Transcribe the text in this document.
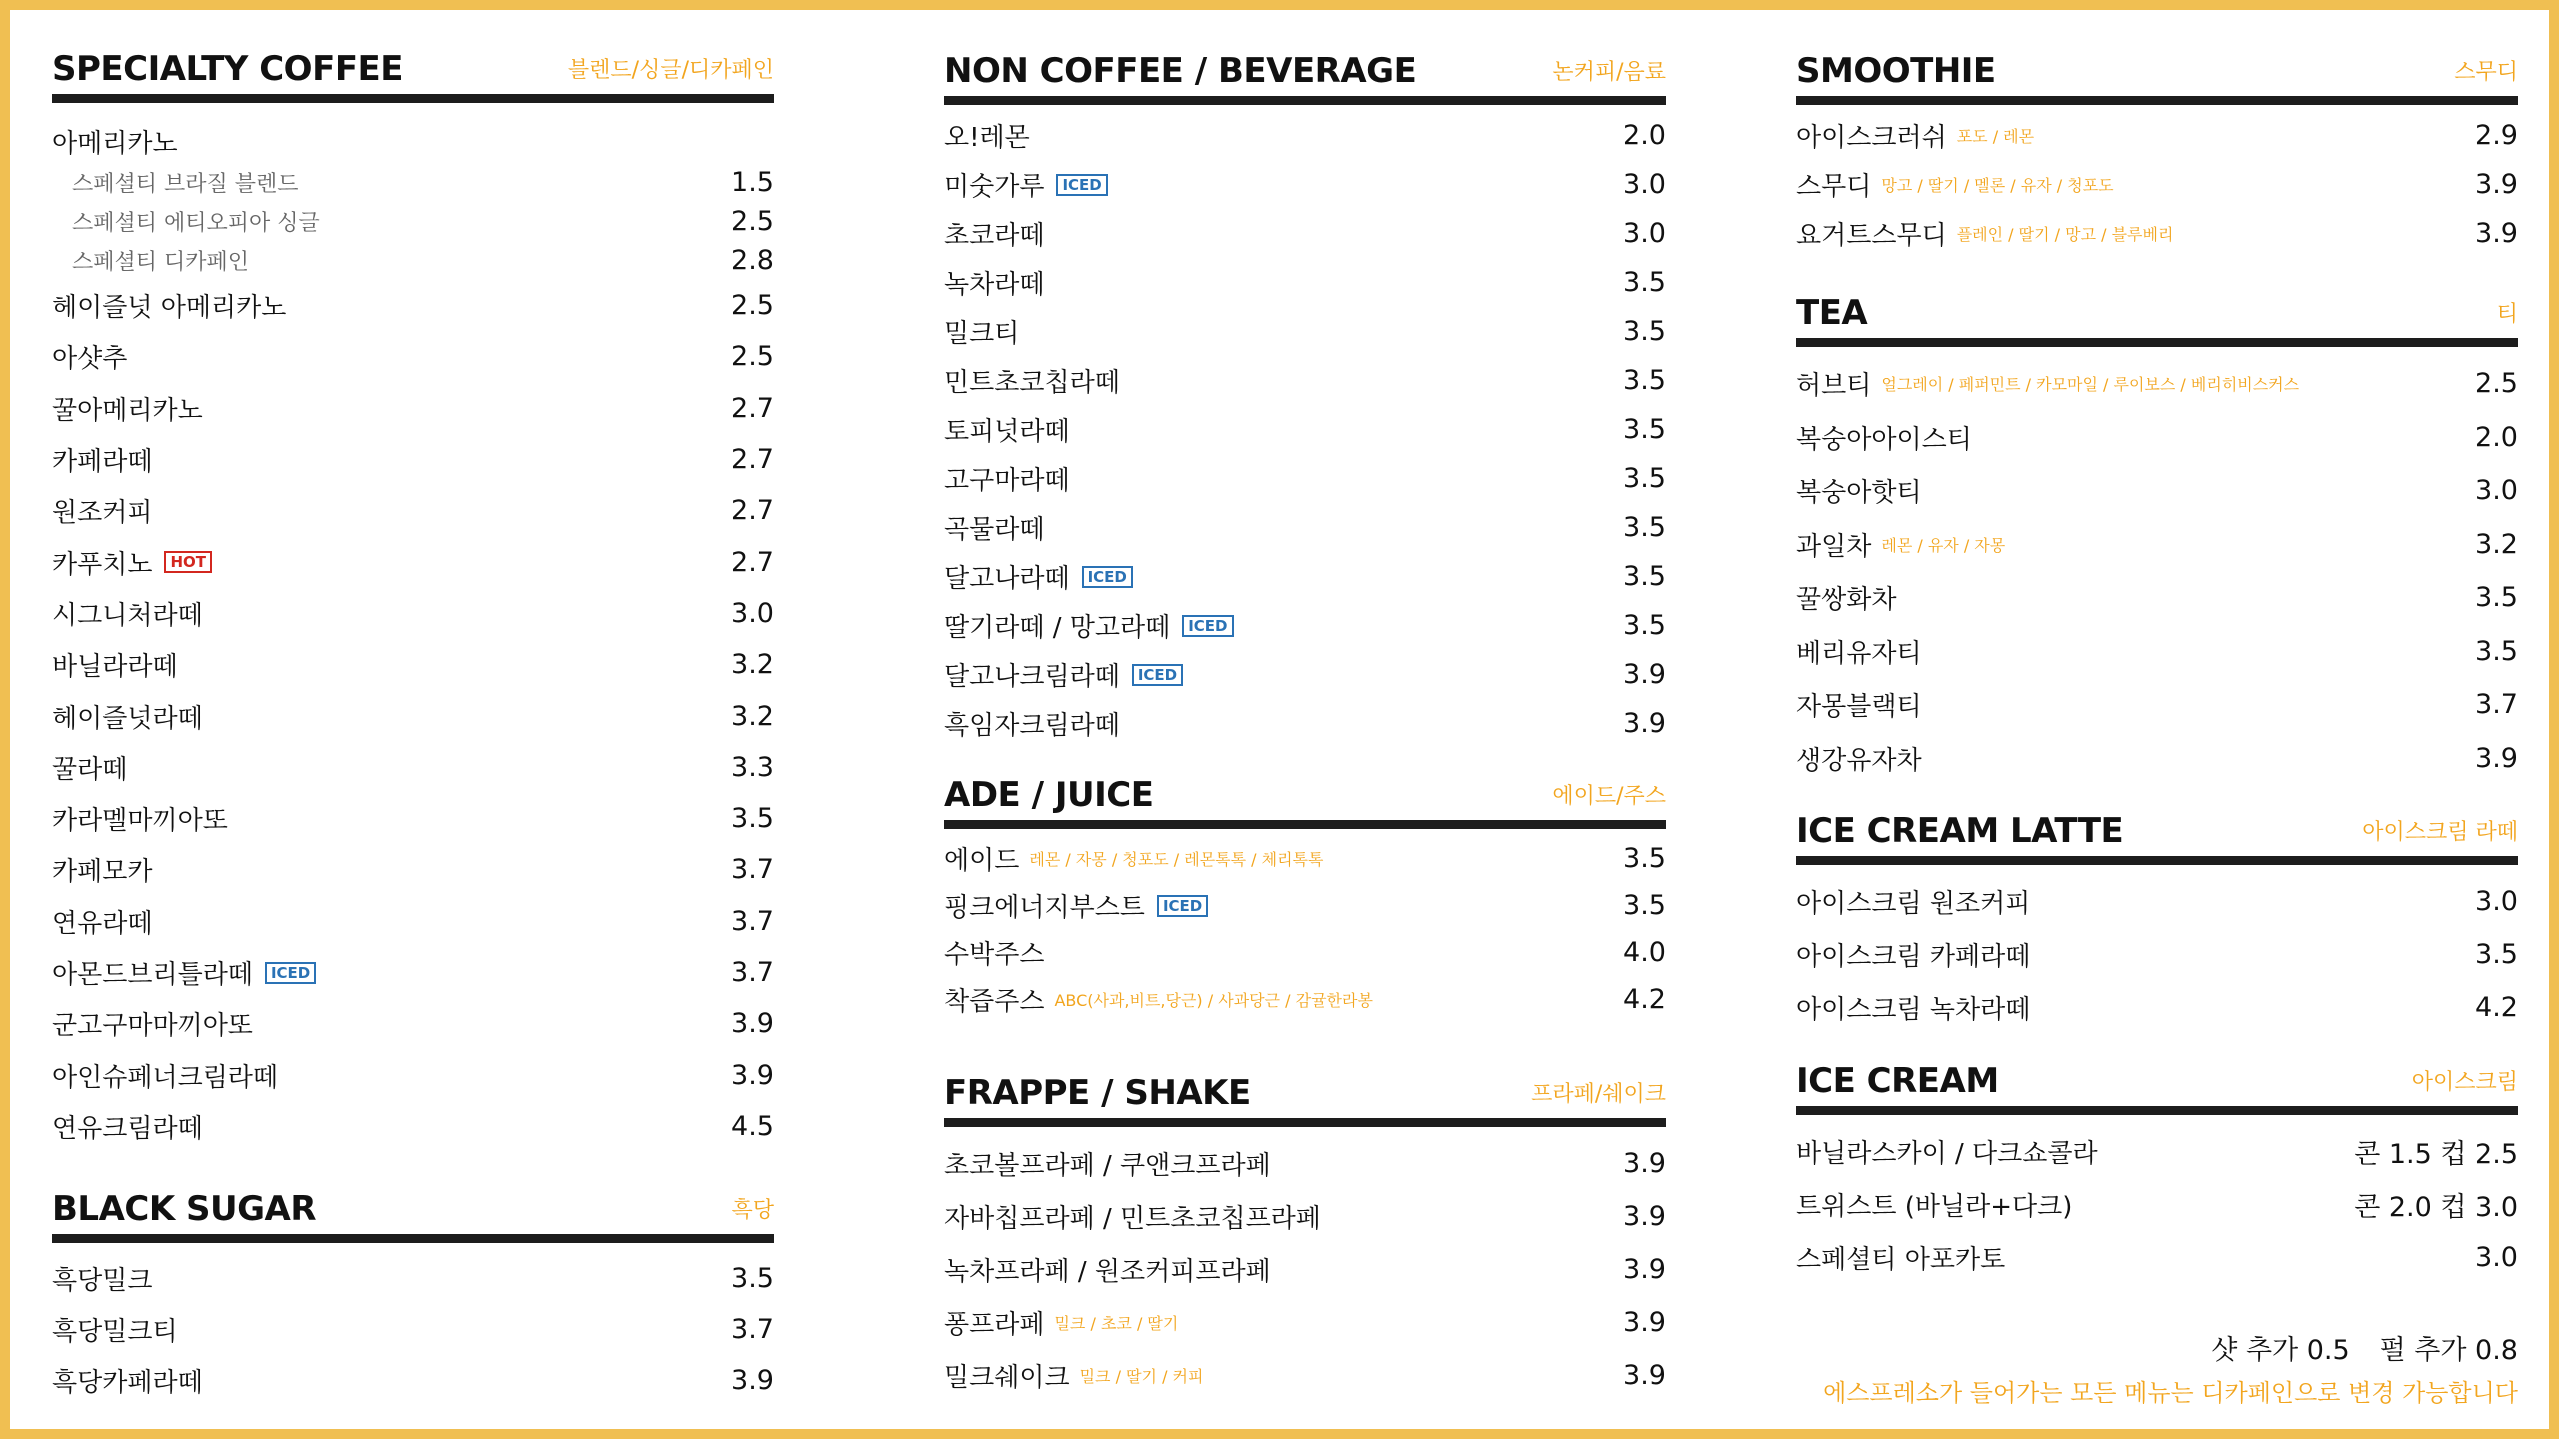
SPECIALTY COFFEE	블렌드/싱글/디카페인
아메리카노
스페셜티 브라질 블렌드	1.5
스페셜티 에티오피아 싱글	2.5
스페셜티 디카페인	2.8
헤이즐넛 아메리카노	2.5
아샷추	2.5
꿀아메리카노	2.7
카페라떼	2.7
원조커피	2.7
카푸치노	HOT	2.7
시그니처라떼	3.0
바닐라라떼	3.2
헤이즐넛라떼	3.2
꿀라떼	3.3
카라멜마끼아또	3.5
카페모카	3.7
연유라떼	3.7
아몬드브리틀라떼	ICED	3.7
군고구마마끼아또	3.9
아인슈페너크림라떼	3.9
연유크림라떼	4.5
BLACK SUGAR	흑당
흑당밀크	3.5
흑당밀크티	3.7
흑당카페라떼	3.9
NON COFFEE / BEVERAGE	논커피/음료
오!레몬	2.0
미숫가루	ICED	3.0
초코라떼	3.0
녹차라떼	3.5
밀크티	3.5
민트초코칩라떼	3.5
토피넛라떼	3.5
고구마라떼	3.5
곡물라떼	3.5
달고나라떼	ICED	3.5
딸기라떼 / 망고라떼	ICED	3.5
달고나크림라떼	ICED	3.9
흑임자크림라떼	3.9
ADE / JUICE	에이드/주스
에이드 레몬 / 자몽 / 청포도 / 레몬톡톡 / 체리톡톡	3.5
핑크에너지부스트	ICED	3.5
수박주스	4.0
착즙주스 ABC(사과,비트,당근) / 사과당근 / 감귤한라봉	4.2
FRAPPE / SHAKE	프라페/쉐이크
초코볼프라페 / 쿠앤크프라페	3.9
자바칩프라페 / 민트초코칩프라페	3.9
녹차프라페 / 원조커피프라페	3.9
퐁프라페 밀크 / 초코 / 딸기	3.9
밀크쉐이크 밀크 / 딸기 / 커피	3.9
SMOOTHIE	스무디
아이스크러쉬 포도 / 레몬	2.9
스무디 망고 / 딸기 / 멜론 / 유자 / 청포도	3.9
요거트스무디 플레인 / 딸기 / 망고 / 블루베리	3.9
TEA	티
허브티 얼그레이 / 페퍼민트 / 카모마일 / 루이보스 / 베리히비스커스	2.5
복숭아아이스티	2.0
복숭아핫티	3.0
과일차 레몬 / 유자 / 자몽	3.2
꿀쌍화차	3.5
베리유자티	3.5
자몽블랙티	3.7
생강유자차	3.9
ICE CREAM LATTE	아이스크림 라떼
아이스크림 원조커피	3.0
아이스크림 카페라떼	3.5
아이스크림 녹차라떼	4.2
ICE CREAM	아이스크림
바닐라스카이 / 다크쇼콜라	콘 1.5 컵 2.5
트위스트 (바닐라+다크)	콘 2.0 컵 3.0
스페셜티 아포카토	3.0
샷 추가 0.5 펄 추가 0.8
에스프레소가 들어가는 모든 메뉴는 디카페인으로 변경 가능합니다
